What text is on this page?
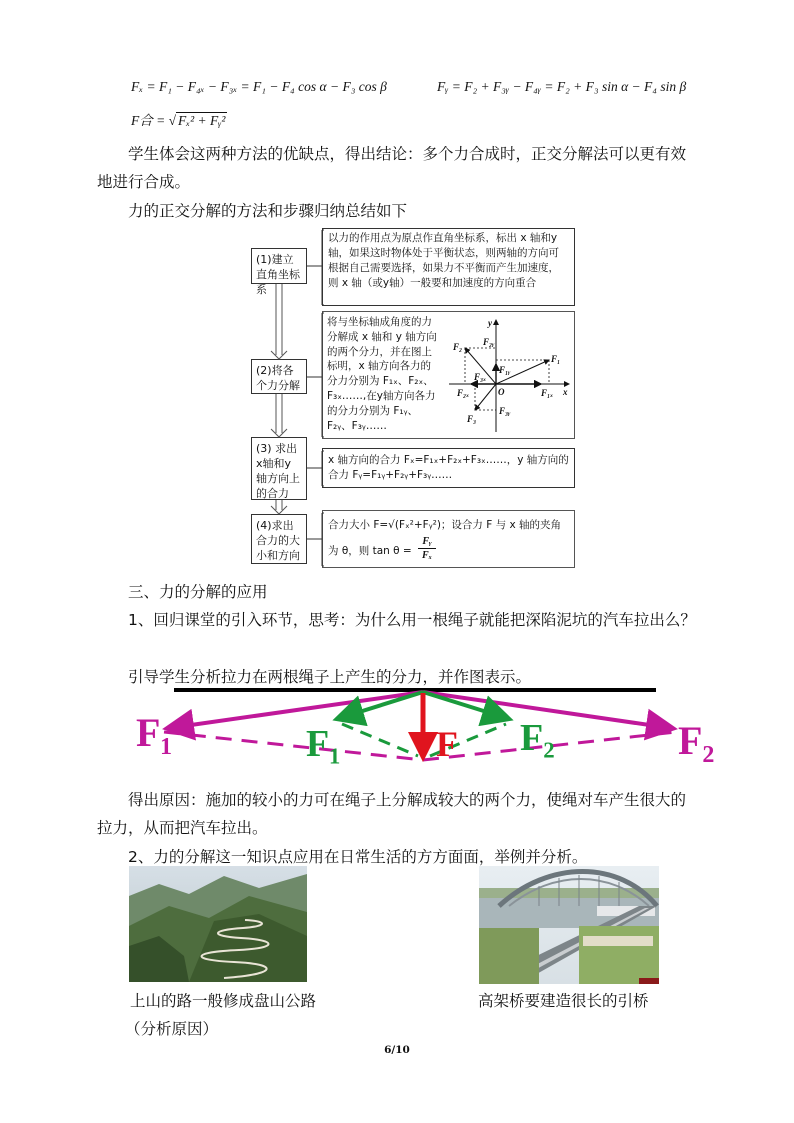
Fₓ = F₁ − F₄ₓ − F₃ₓ = F₁ − F₄ cos α − F₃ cos β	Fᵧ = F₂ + F₃ᵧ − F₄ᵧ = F₂ + F₃ sin α − F₄ sin β
F合 = √ Fₓ² + Fᵧ²
学生体会这两种方法的优缺点，得出结论：多个力合成时，正交分解法可以更有效地进行合成。
力的正交分解的方法和步骤归纳总结如下
(1)建立直角坐标系
(2)将各个力分解
(3) 求出x轴和y轴方向上的合力
(4)求出合力的大小和方向
以力的作用点为原点作直角坐标系，标出 x 轴和y轴，如果这时物体处于平衡状态，则两轴的方向可根据自己需要选择，如果力不平衡而产生加速度，则 x 轴（或y轴）一般要和加速度的方向重合
将与坐标轴成角度的力分解成 x 轴和 y 轴方向的两个分力，并在图上标明，x 轴方向各力的分力分别为 F₁ₓ、F₂ₓ、F₃ₓ……,在y轴方向各力的分力分别为 F₁ᵧ、F₂ᵧ、F₃ᵧ……
y
x
O
F₁
F₁ₓ
F₁ᵧ
F₂
F₂ₓ
F₂ᵧ
F₃
F₃ₓ
F₃ᵧ
x 轴方向的合力 Fₓ=F₁ₓ+F₂ₓ+F₃ₓ……，y 轴方向的合力 Fᵧ=F₁ᵧ+F₂ᵧ+F₃ᵧ……
合力大小 F=√(Fₓ²+Fᵧ²)；设合力 F 与 x 轴的夹角
为 θ，则 $\tan \theta = \frac{\text{Fᵧ}}{\text{Fₓ}}$
三、力的分解的应用
1、回归课堂的引入环节，思考：为什么用一根绳子就能把深陷泥坑的汽车拉出么？
引导学生分析拉力在两根绳子上产生的分力，并作图表示。
F₁	F₂
F₁	F₂
F
得出原因：施加的较小的力可在绳子上分解成较大的两个力，使绳对车产生很大的拉力，从而把汽车拉出。
2、力的分解这一知识点应用在日常生活的方方面面，举例并分析。
上山的路一般修成盘山公路
（分析原因）
高架桥要建造很长的引桥
6/10
